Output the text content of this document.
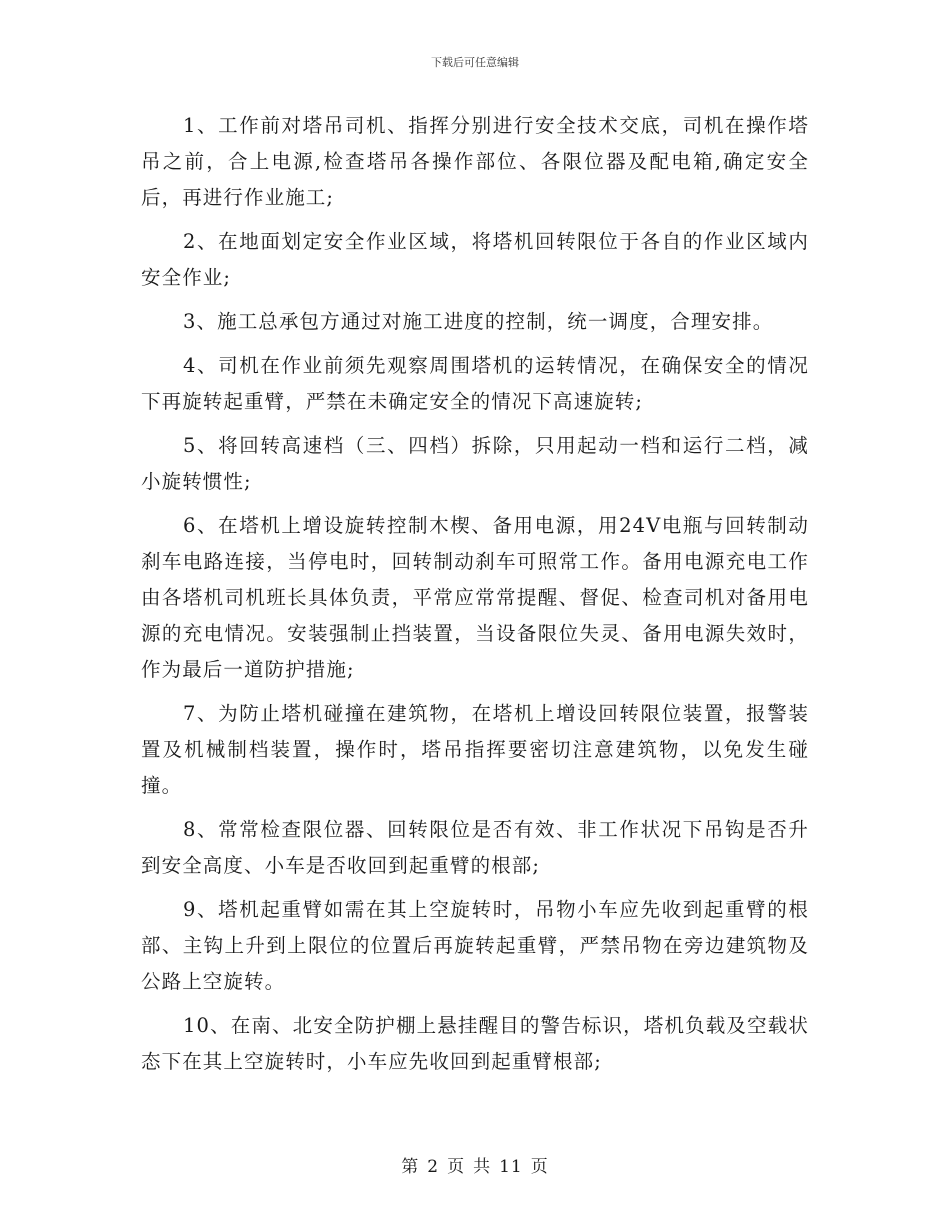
下载后可任意编辑

1、工作前对塔吊司机、指挥分别进行安全技术交底，司机在操作塔吊之前，合上电源,检查塔吊各操作部位、各限位器及配电箱,确定安全后，再进行作业施工;

2、在地面划定安全作业区域，将塔机回转限位于各自的作业区域内安全作业;

3、施工总承包方通过对施工进度的控制，统一调度，合理安排。

4、司机在作业前须先观察周围塔机的运转情况，在确保安全的情况下再旋转起重臂，严禁在未确定安全的情况下高速旋转;

5、将回转高速档（三、四档）拆除，只用起动一档和运行二档，减小旋转惯性;

6、在塔机上增设旋转控制木楔、备用电源，用24V电瓶与回转制动刹车电路连接，当停电时，回转制动刹车可照常工作。备用电源充电工作由各塔机司机班长具体负责，平常应常常提醒、督促、检查司机对备用电源的充电情况。安装强制止挡装置，当设备限位失灵、备用电源失效时，作为最后一道防护措施;

7、为防止塔机碰撞在建筑物，在塔机上增设回转限位装置，报警装置及机械制档装置，操作时，塔吊指挥要密切注意建筑物，以免发生碰撞。

8、常常检查限位器、回转限位是否有效、非工作状况下吊钩是否升到安全高度、小车是否收回到起重臂的根部;

9、塔机起重臂如需在其上空旋转时，吊物小车应先收到起重臂的根部、主钩上升到上限位的位置后再旋转起重臂，严禁吊物在旁边建筑物及公路上空旋转。

10、在南、北安全防护棚上悬挂醒目的警告标识，塔机负载及空载状态下在其上空旋转时，小车应先收回到起重臂根部;

第 2 页 共 11 页
